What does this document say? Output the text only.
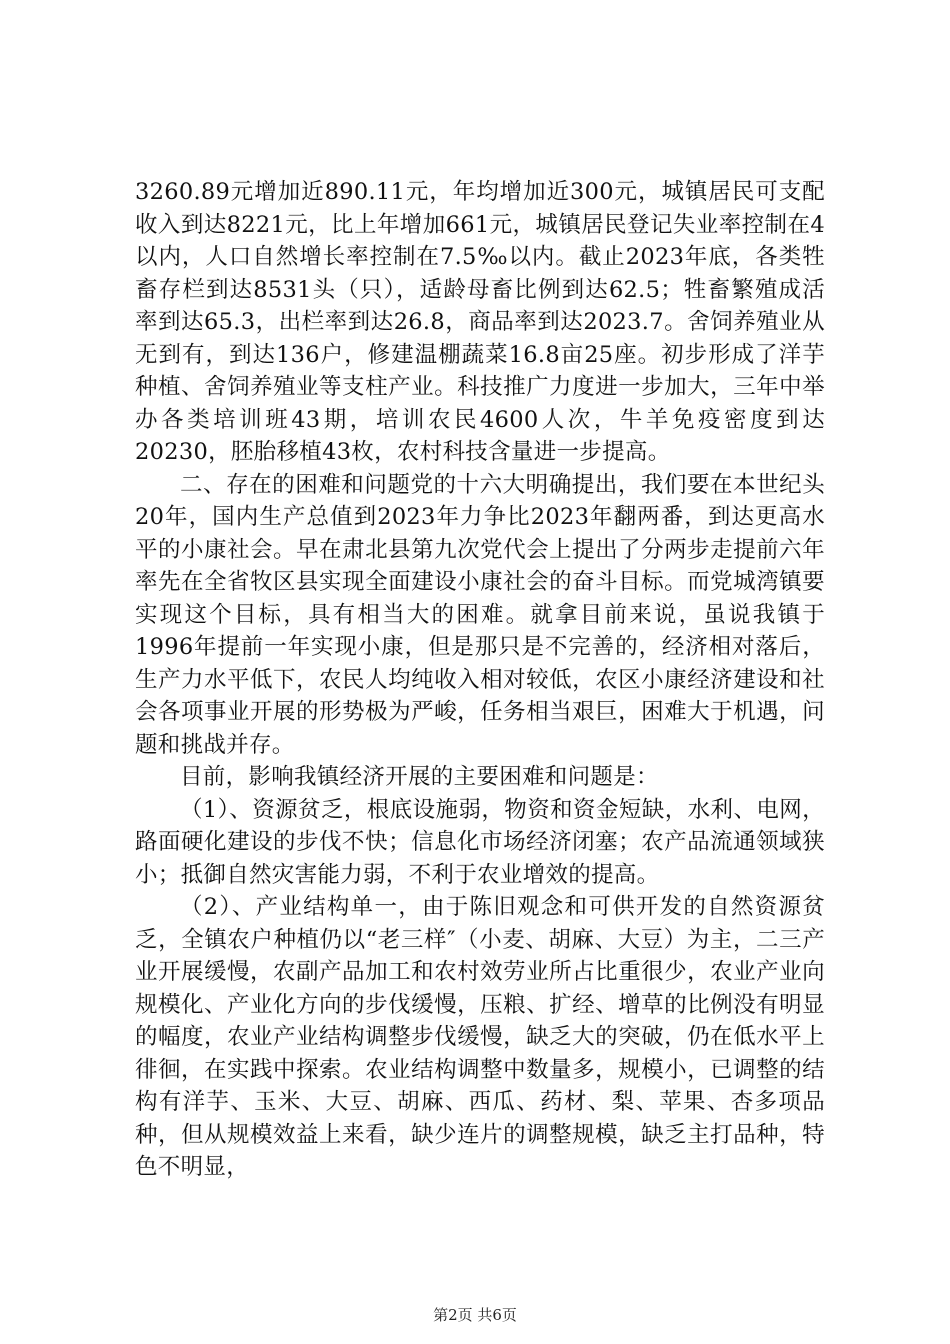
3260.89元增加近890.11元，年均增加近300元，城镇居民可支配收入到达8221元，比上年增加661元，城镇居民登记失业率控制在4以内，人口自然增长率控制在7.5‰以内。截止2023年底，各类牲畜存栏到达8531头（只），适龄母畜比例到达62.5；牲畜繁殖成活率到达65.3，出栏率到达26.8，商品率到达2023.7。舍饲养殖业从无到有，到达136户，修建温棚蔬菜16.8亩25座。初步形成了洋芋种植、舍饲养殖业等支柱产业。科技推广力度进一步加大，三年中举办各类培训班43期，培训农民4600人次，牛羊免疫密度到达20230，胚胎移植43枚，农村科技含量进一步提高。

二、存在的困难和问题党的十六大明确提出，我们要在本世纪头20年，国内生产总值到2023年力争比2023年翻两番，到达更高水平的小康社会。早在肃北县第九次党代会上提出了分两步走提前六年率先在全省牧区县实现全面建设小康社会的奋斗目标。而党城湾镇要实现这个目标，具有相当大的困难。就拿目前来说，虽说我镇于1996年提前一年实现小康，但是那只是不完善的，经济相对落后，生产力水平低下，农民人均纯收入相对较低，农区小康经济建设和社会各项事业开展的形势极为严峻，任务相当艰巨，困难大于机遇，问题和挑战并存。

目前，影响我镇经济开展的主要困难和问题是：

（1）、资源贫乏，根底设施弱，物资和资金短缺，水利、电网，路面硬化建设的步伐不快；信息化市场经济闭塞；农产品流通领域狭小；抵御自然灾害能力弱，不利于农业增效的提高。

（2）、产业结构单一，由于陈旧观念和可供开发的自然资源贫乏，全镇农户种植仍以“老三样″（小麦、胡麻、大豆）为主，二三产业开展缓慢，农副产品加工和农村效劳业所占比重很少，农业产业向规模化、产业化方向的步伐缓慢，压粮、扩经、增草的比例没有明显的幅度，农业产业结构调整步伐缓慢，缺乏大的突破，仍在低水平上徘徊，在实践中探索。农业结构调整中数量多，规模小，已调整的结构有洋芋、玉米、大豆、胡麻、西瓜、药材、梨、苹果、杏多项品种，但从规模效益上来看，缺少连片的调整规模，缺乏主打品种，特色不明显，

第2页 共6页
